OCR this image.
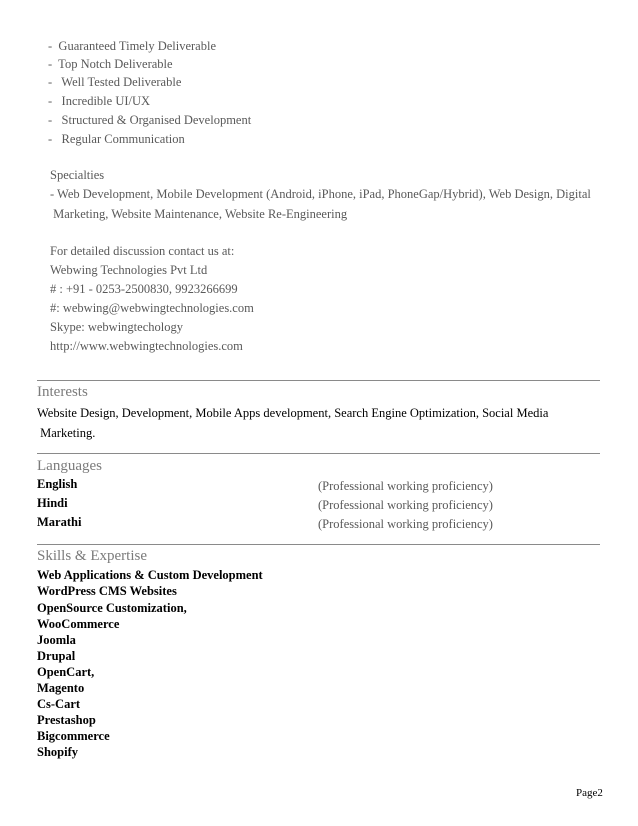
-  Guaranteed Timely Deliverable
-  Top Notch Deliverable
-   Well Tested Deliverable
-   Incredible UI/UX
-   Structured & Organised Development
-   Regular Communication
Specialties
- Web Development, Mobile Development (Android, iPhone, iPad, PhoneGap/Hybrid), Web Design, Digital
Marketing, Website Maintenance, Website Re-Engineering
For detailed discussion contact us at:
Webwing Technologies Pvt Ltd
# : +91 - 0253-2500830, 9923266699
#: webwing@webwingtechnologies.com
Skype: webwingtechology
http://www.webwingtechnologies.com
Interests
Website Design, Development, Mobile Apps development, Search Engine Optimization, Social Media
Marketing.
Languages
English	(Professional working proficiency)
Hindi	(Professional working proficiency)
Marathi	(Professional working proficiency)
Skills & Expertise
Web Applications & Custom Development
WordPress CMS Websites
OpenSource Customization,
WooCommerce
Joomla
Drupal
OpenCart,
Magento
Cs-Cart
Prestashop
Bigcommerce
Shopify
Page2
